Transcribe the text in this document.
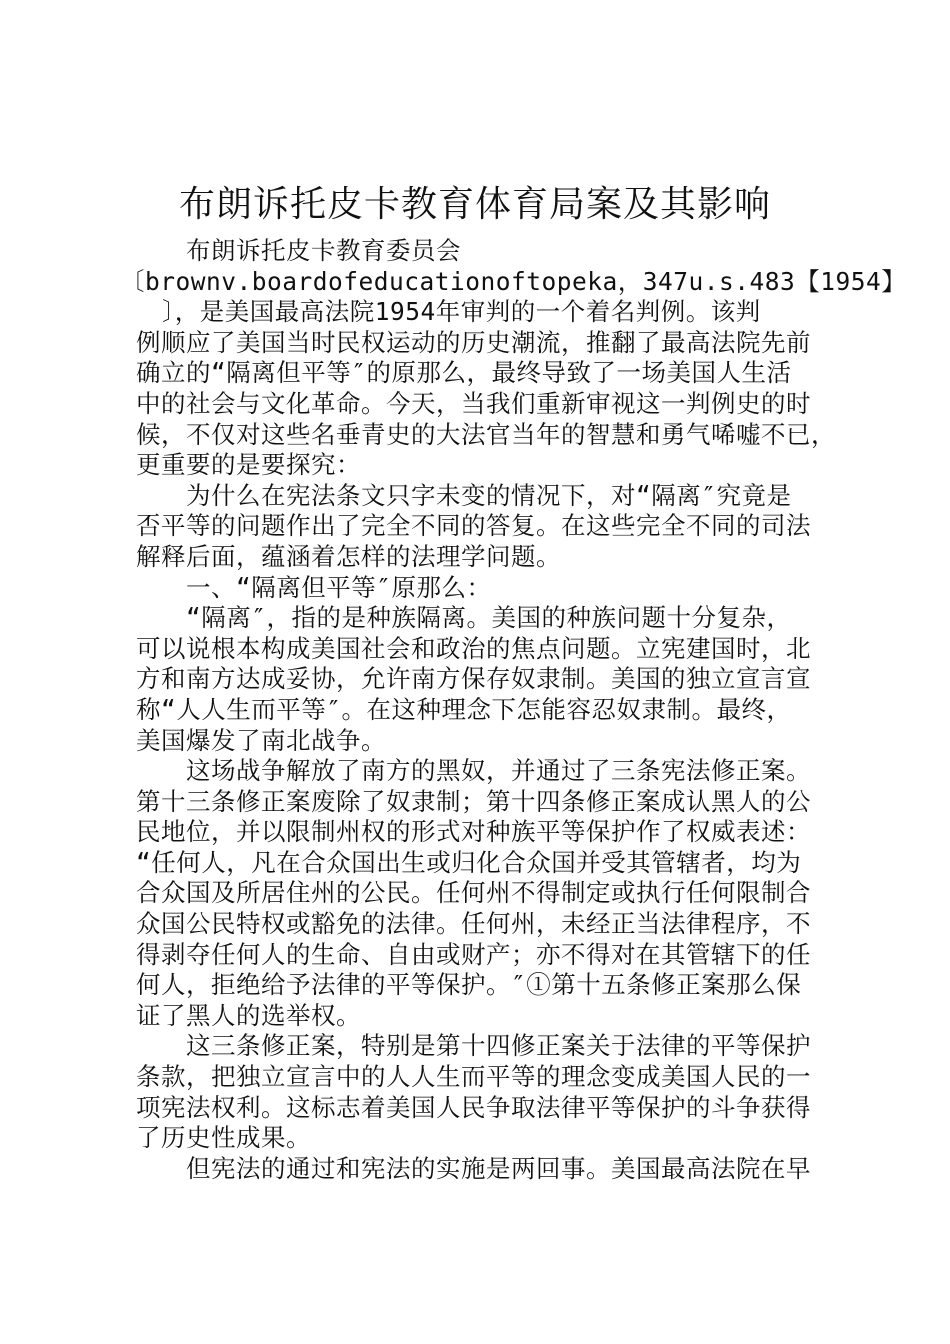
布朗诉托皮卡教育体育局案及其影响
布朗诉托皮卡教育委员会
〔brownv.boardofeducationoftopeka，347u.s.483【1954】
〕，是美国最高法院1954年审判的一个着名判例。该判
例顺应了美国当时民权运动的历史潮流，推翻了最高法院先前
确立的“隔离但平等″的原那么，最终导致了一场美国人生活
中的社会与文化革命。今天，当我们重新审视这一判例史的时
候，不仅对这些名垂青史的大法官当年的智慧和勇气唏嘘不已，
更重要的是要探究：
为什么在宪法条文只字未变的情况下，对“隔离″究竟是
否平等的问题作出了完全不同的答复。在这些完全不同的司法
解释后面，蕴涵着怎样的法理学问题。
一、“隔离但平等″原那么：
“隔离″，指的是种族隔离。美国的种族问题十分复杂，
可以说根本构成美国社会和政治的焦点问题。立宪建国时，北
方和南方达成妥协，允许南方保存奴隶制。美国的独立宣言宣
称“人人生而平等″。在这种理念下怎能容忍奴隶制。最终，
美国爆发了南北战争。
这场战争解放了南方的黑奴，并通过了三条宪法修正案。
第十三条修正案废除了奴隶制；第十四条修正案成认黑人的公
民地位，并以限制州权的形式对种族平等保护作了权威表述：
“任何人，凡在合众国出生或归化合众国并受其管辖者，均为
合众国及所居住州的公民。任何州不得制定或执行任何限制合
众国公民特权或豁免的法律。任何州，未经正当法律程序，不
得剥夺任何人的生命、自由或财产；亦不得对在其管辖下的任
何人，拒绝给予法律的平等保护。″①第十五条修正案那么保
证了黑人的选举权。
这三条修正案，特别是第十四修正案关于法律的平等保护
条款，把独立宣言中的人人生而平等的理念变成美国人民的一
项宪法权利。这标志着美国人民争取法律平等保护的斗争获得
了历史性成果。
但宪法的通过和宪法的实施是两回事。美国最高法院在早
